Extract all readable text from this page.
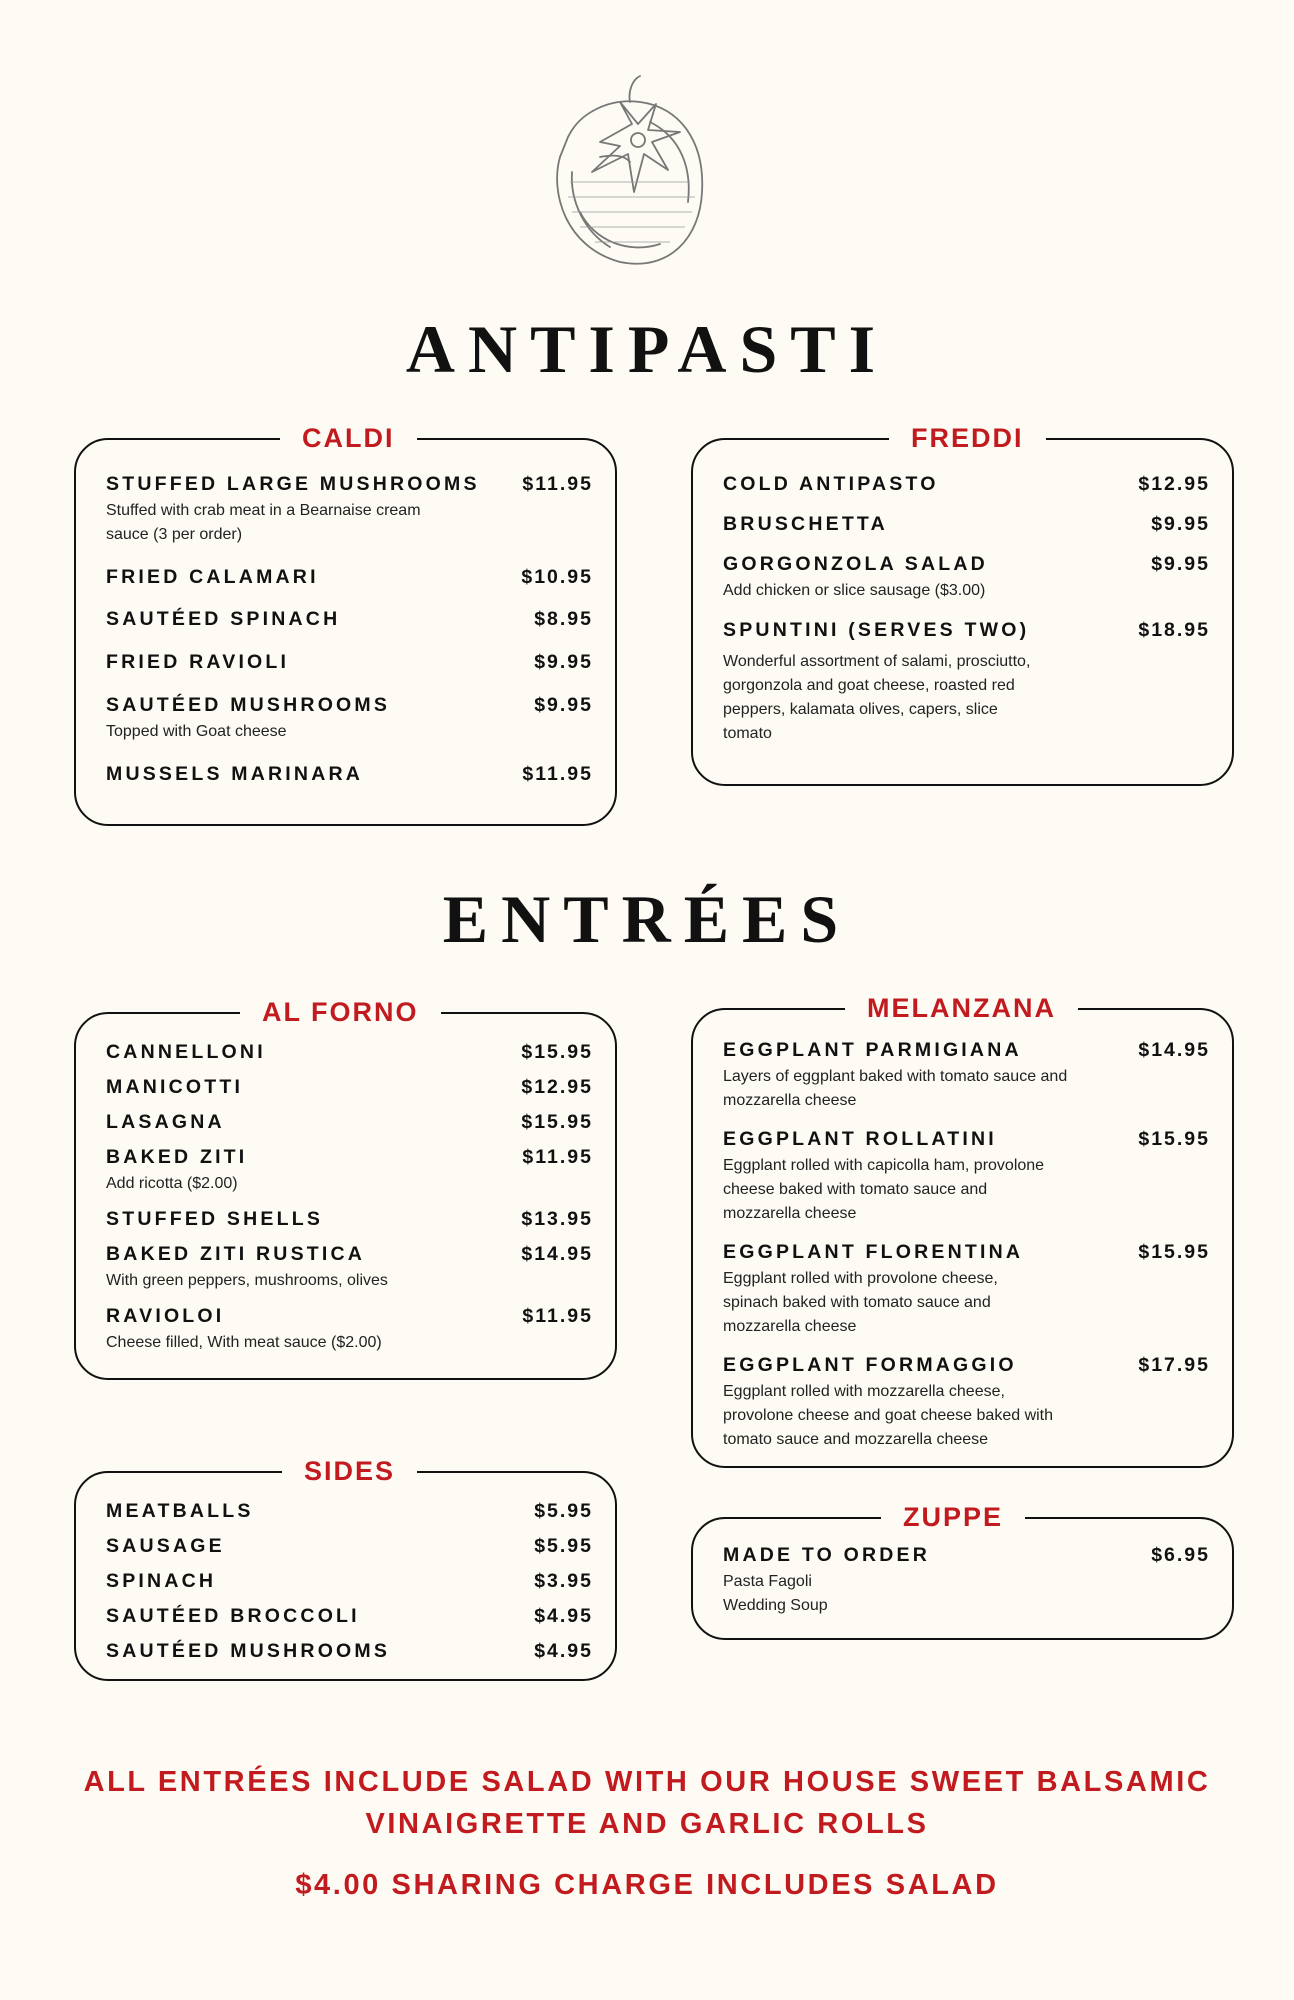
ANTIPASTI
ENTRÉES
CALDI
STUFFED LARGE MUSHROOMS	$11.95
Stuffed with crab meat in a Bearnaise cream sauce (3 per order)
FRIED CALAMARI	$10.95
SAUTÉED SPINACH	$8.95
FRIED RAVIOLI	$9.95
SAUTÉED MUSHROOMS	$9.95
Topped with Goat cheese
MUSSELS MARINARA	$11.95
FREDDI
COLD ANTIPASTO	$12.95
BRUSCHETTA	$9.95
GORGONZOLA SALAD	$9.95
Add chicken or slice sausage ($3.00)
SPUNTINI (SERVES TWO)	$18.95
Wonderful assortment of salami, prosciutto, gorgonzola and goat cheese, roasted red peppers, kalamata olives, capers, slice tomato
AL FORNO
CANNELLONI	$15.95
MANICOTTI	$12.95
LASAGNA	$15.95
BAKED ZITI	$11.95
Add ricotta ($2.00)
STUFFED SHELLS	$13.95
BAKED ZITI RUSTICA	$14.95
With green peppers, mushrooms, olives
RAVIOLOI	$11.95
Cheese filled, With meat sauce ($2.00)
MELANZANA
EGGPLANT PARMIGIANA	$14.95
Layers of eggplant baked with tomato sauce and mozzarella cheese
EGGPLANT ROLLATINI	$15.95
Eggplant rolled with capicolla ham, provolone cheese baked with tomato sauce and mozzarella cheese
EGGPLANT FLORENTINA	$15.95
Eggplant rolled with provolone cheese, spinach baked with tomato sauce and mozzarella cheese
EGGPLANT FORMAGGIO	$17.95
Eggplant rolled with mozzarella cheese, provolone cheese and goat cheese baked with tomato sauce and mozzarella cheese
SIDES
MEATBALLS	$5.95
SAUSAGE	$5.95
SPINACH	$3.95
SAUTÉED BROCCOLI	$4.95
SAUTÉED MUSHROOMS	$4.95
ZUPPE
MADE TO ORDER	$6.95
Pasta Fagoli
Wedding Soup
ALL ENTRÉES INCLUDE SALAD WITH OUR HOUSE SWEET BALSAMIC
VINAIGRETTE AND GARLIC ROLLS
$4.00 SHARING CHARGE INCLUDES SALAD
